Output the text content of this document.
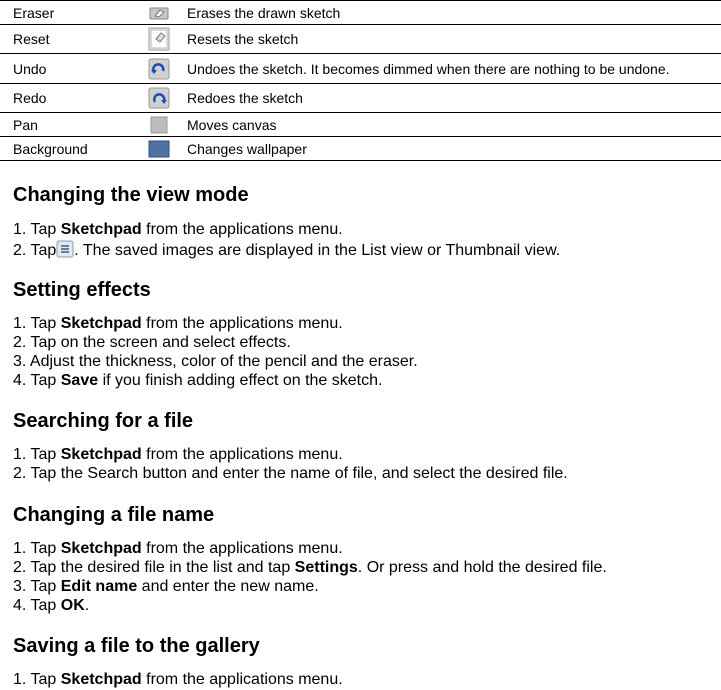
Eraser		Erases the drawn sketch
Reset		Resets the sketch
Undo		Undoes the sketch. It becomes dimmed when there are nothing to be undone.
Redo		Redoes the sketch
Pan		Moves canvas
Background		Changes wallpaper
Changing the view mode

1. Tap Sketchpad from the applications menu.

2. Tap . The saved images are displayed in the List view or Thumbnail view.

Setting effects

1. Tap Sketchpad from the applications menu.

2. Tap on the screen and select effects.

3. Adjust the thickness, color of the pencil and the eraser.

4. Tap Save if you finish adding effect on the sketch.

Searching for a file

1. Tap Sketchpad from the applications menu.

2. Tap the Search button and enter the name of file, and select the desired file.

Changing a file name

1. Tap Sketchpad from the applications menu.

2. Tap the desired file in the list and tap Settings. Or press and hold the desired file.

3. Tap Edit name and enter the new name.

4. Tap OK.

Saving a file to the gallery

1. Tap Sketchpad from the applications menu.
